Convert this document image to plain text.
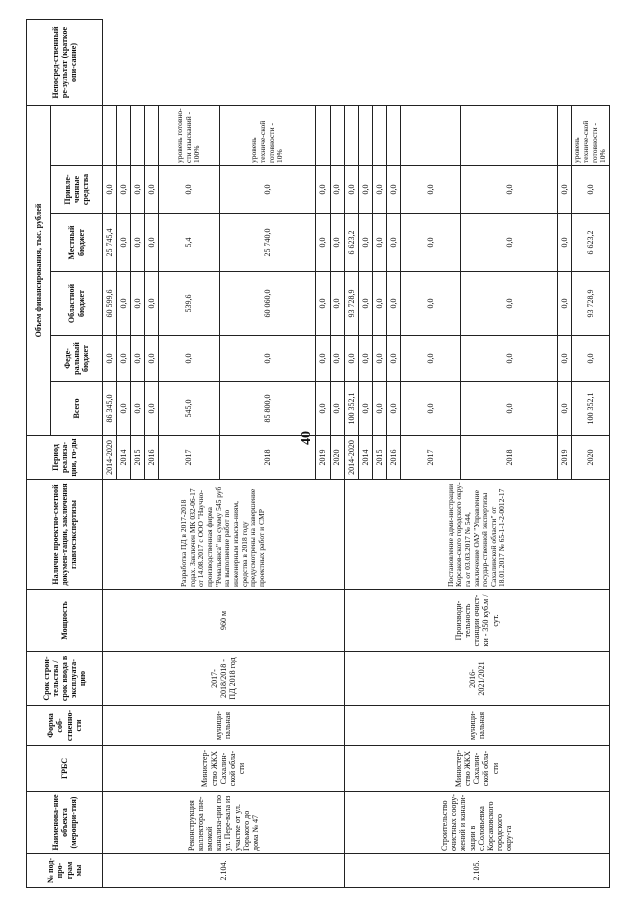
40
№ под-про-грам мы	Наименова-ние объекта (меропри-тия)	ГРБС	Форма соб-ственно-сти	Срок строи-тельства / срок ввода в эксплуата-цию	Мощность	Наличие проектно-сметной докумен-тации, заключения главгосэкспертизы	Период реализа-ции, го-ды	Объем финансирования, тыс. рублей						Непосред-ственный ре-зультат (краткое опи-сание)
								Всего	Феде-ральный бюджет	Областной бюджет	Местный бюджет	Привле-ченные средства		
2.104.	Реконструкция коллектора пне-вмокой канализа-ции по ул. Пере-вала из участке от ул. Горького до дома № 47	Министер-ство ЖКХ Сахалин-ской обла-сти	муници-пальная	2017-2018/2018 - ПД 2018 год	960 м	Разработка ПД в 2017-2018 годах. Заключен МК 032-06-17 от 14.08.2017 с ООО "Научно-производственная фирма "Ремальянса" на сумму 545 руб на выполнение работ по инженерным изыска-ниям, средства в 2018 году предусмотрены на завершение проектных работ и СМР	2014-2020	86 345,0	0,0	60 599,6	25 745,4	0,0		
							2014	0,0	0,0	0,0	0,0	0,0		
							2015	0,0	0,0	0,0	0,0	0,0		
							2016	0,0	0,0	0,0	0,0	0,0		
							2017	545,0	0,0	539,6	5,4	0,0	уровень готовно-сти изысканий - 100%	
							2018	85 800,0	0,0	60 060,0	25 740,0	0,0	уровень техниче-ской готовности - 10%	
							2019	0,0	0,0	0,0	0,0	0,0		
							2020	0,0	0,0	0,0	0,0	0,0		
2.105.	Строительство очистных соору-жений и канали-зации в с.Соловьевка Корсаковского городского окру-га	Министер-ство ЖКХ Сахалин-ской обла-сти	муници-пальная	2016-2021/2021	Производи-тельность станции очист-ки - 350 куб.м /сут.	Постановление адми-нистрации Корсаков-ского городского окру-га от 03.03.2017 № 544, заключение ОАУ "Управление государ-ственной экспертизы Сахалинской области" от 18.01.2017 № 65-1-1-2-0012-17	2014-2020	100 352,1	0,0	93 728,9	6 623,2	0,0		
							2014	0,0	0,0	0,0	0,0	0,0		
							2015	0,0	0,0	0,0	0,0	0,0		
							2016	0,0	0,0	0,0	0,0	0,0		
							2017	0,0	0,0	0,0	0,0	0,0		
							2018	0,0	0,0	0,0	0,0	0,0		
							2019	0,0	0,0	0,0	0,0	0,0		
							2020	100 352,1	0,0	93 728,9	6 623,2	0,0	уровень техниче-ской готовности - 10%	
